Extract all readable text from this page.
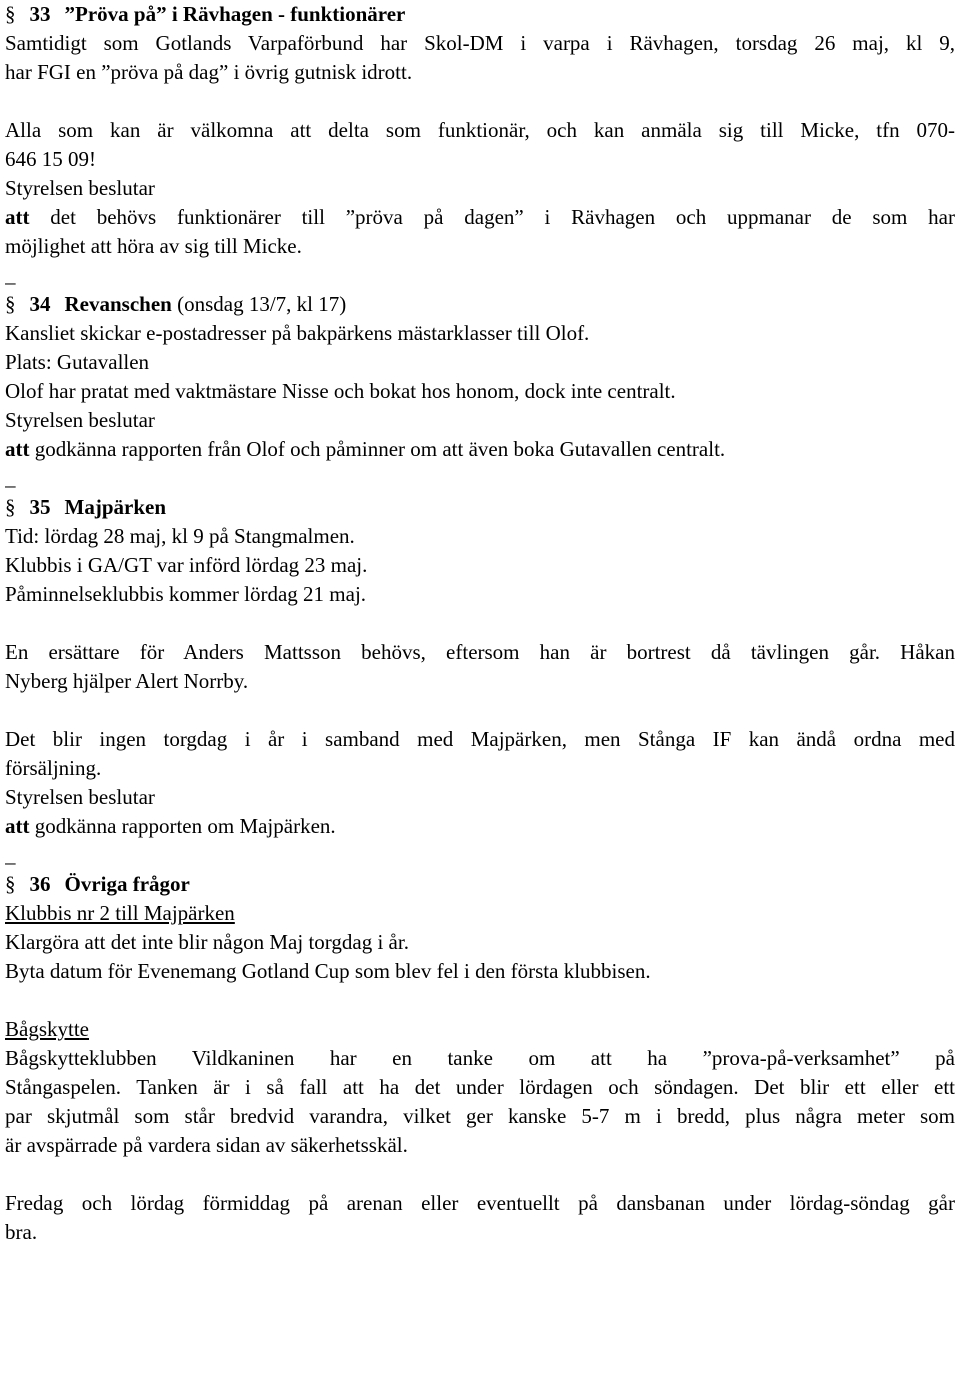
§ 33 ”Pröva på” i Rävhagen - funktionärer
Samtidigt som Gotlands Varpaförbund har Skol-DM i varpa i Rävhagen, torsdag 26 maj, kl 9,
har FGI en ”pröva på dag” i övrig gutnisk idrott.
Alla som kan är välkomna att delta som funktionär, och kan anmäla sig till Micke, tfn 070-
646 15 09!
Styrelsen beslutar
att det behövs funktionärer till ”pröva på dagen” i Rävhagen och uppmanar de som har
möjlighet att höra av sig till Micke.
_
§ 34 Revanschen (onsdag 13/7, kl 17)
Kansliet skickar e-postadresser på bakpärkens mästarklasser till Olof.
Plats: Gutavallen
Olof har pratat med vaktmästare Nisse och bokat hos honom, dock inte centralt.
Styrelsen beslutar
att godkänna rapporten från Olof och påminner om att även boka Gutavallen centralt.
_
§ 35 Majpärken
Tid: lördag 28 maj, kl 9 på Stangmalmen.
Klubbis i GA/GT var införd lördag 23 maj.
Påminnelseklubbis kommer lördag 21 maj.
En ersättare för Anders Mattsson behövs, eftersom han är bortrest då tävlingen går. Håkan
Nyberg hjälper Alert Norrby.
Det blir ingen torgdag i år i samband med Majpärken, men Stånga IF kan ändå ordna med
försäljning.
Styrelsen beslutar
att godkänna rapporten om Majpärken.
_
§ 36 Övriga frågor
Klubbis nr 2 till Majpärken
Klargöra att det inte blir någon Maj torgdag i år.
Byta datum för Evenemang Gotland Cup som blev fel i den första klubbisen.
Bågskytte
Bågskytteklubben Vildkaninen har en tanke om att ha ”prova-på-verksamhet” på
Stångaspelen. Tanken är i så fall att ha det under lördagen och söndagen. Det blir ett eller ett
par skjutmål som står bredvid varandra, vilket ger kanske 5-7 m i bredd, plus några meter som
är avspärrade på vardera sidan av säkerhetsskäl.
Fredag och lördag förmiddag på arenan eller eventuellt på dansbanan under lördag-söndag går
bra.
